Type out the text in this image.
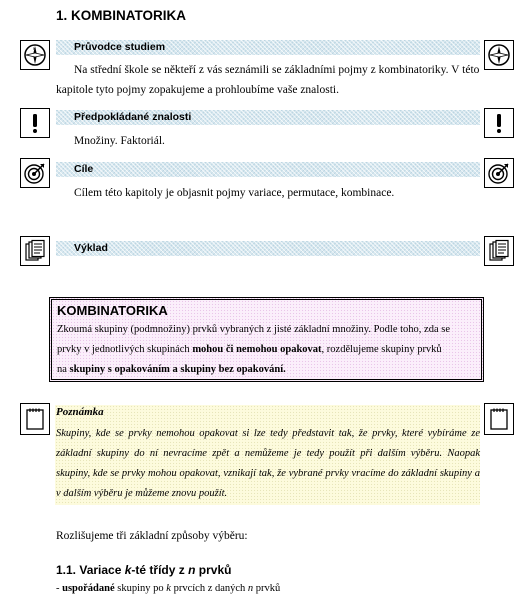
1. KOMBINATORIKA
N	Průvodce studiem
Na střední škole se někteří z vás seznámili se základními pojmy z kombinatoriky. V této
kapitole tyto pojmy zopakujeme a prohloubíme vaše znalosti.
Předpokládané znalosti
Množiny. Faktoriál.
Cíle
Cílem této kapitoly je objasnit pojmy variace, permutace, kombinace.
Výklad
KOMBINATORIKA
Zkoumá skupiny (podmnožiny) prvků vybraných z jisté základní množiny. Podle toho, zda se
prvky v jednotlivých skupinách mohou či nemohou opakovat, rozdělujeme skupiny prvků
na skupiny s opakováním a skupiny bez opakování.
Poznámka
Skupiny, kde se prvky nemohou opakovat si lze tedy představit tak, že prvky, které vybíráme ze základní skupiny do ní nevracíme zpět a nemůžeme je tedy použít při dalším výběru. Naopak skupiny, kde se prvky mohou opakovat, vznikají tak, že vybrané prvky vracíme do základní skupiny a v dalším výběru je můžeme znovu použít.
Rozlišujeme tři základní způsoby výběru:
1.1. Variace k-té třídy z n prvků
- uspořádané skupiny po k prvcích z daných n prvků
